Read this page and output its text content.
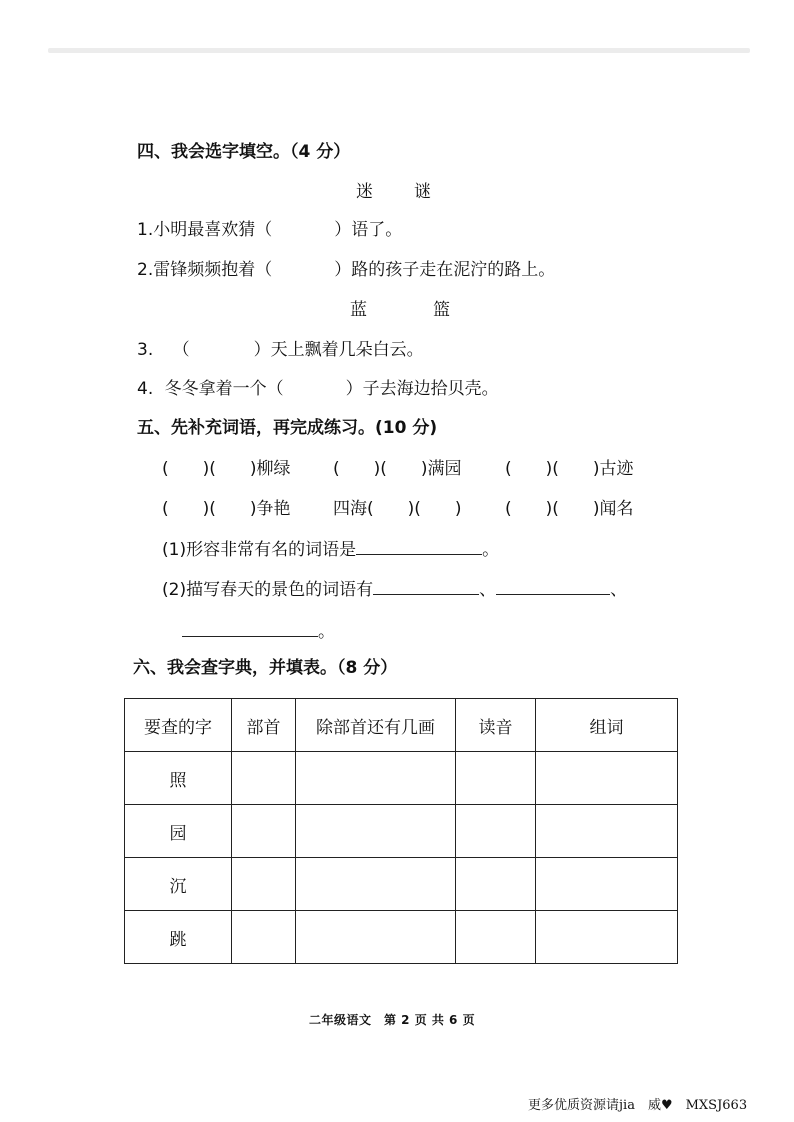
四、我会选字填空。（4 分）
迷 谜
1.小明最喜欢猜（	）语了。
2.雷锋频频抱着（	）路的孩子走在泥泞的路上。
蓝	篮
3. （	）天上飘着几朵白云。
4. 冬冬拿着一个（	）子去海边拾贝壳。
五、先补充词语，再完成练习。(10 分)
(　　)(　　)柳绿 (　　)(　　)满园	(　　)(　　)古迹
(　　)(　　)争艳 四海(　　)(　　)	(　　)(　　)闻名
(1)形容非常有名的词语是	。
(2)描写春天的景色的词语有	、	、
。
六、我会查字典，并填表。（8 分）
要查的字	部首	除部首还有几画	读音	组词
照				
园				
沉				
跳				
二年级语文　第 2 页 共 6 页
更多优质资源请jia　威♥　MXSJ663
